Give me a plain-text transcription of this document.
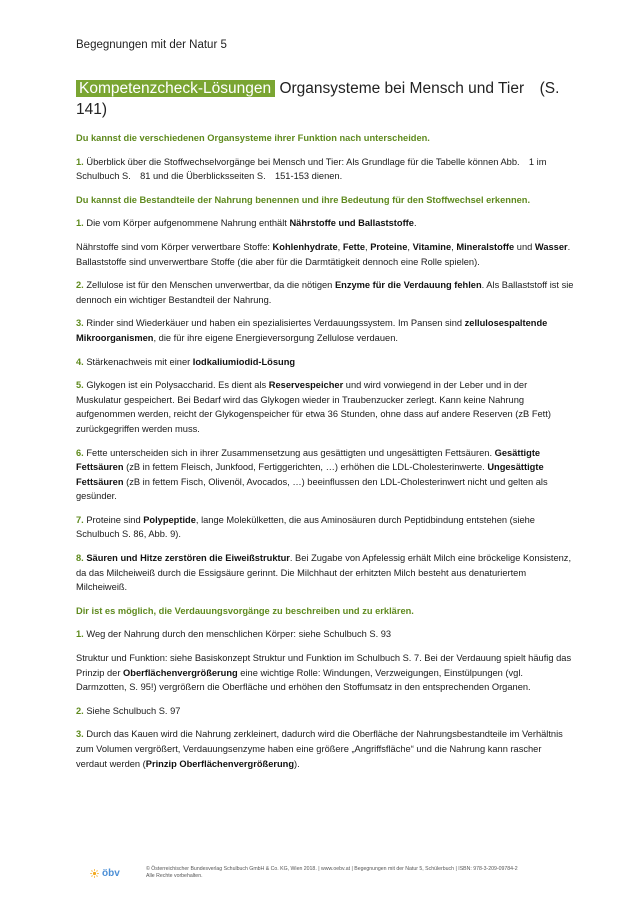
Begegnungen mit der Natur 5
Kompetenzcheck-Lösungen Organsysteme bei Mensch und Tier (S. 141)

Du kannst die verschiedenen Organsysteme ihrer Funktion nach unterscheiden.

1. Überblick über die Stoffwechselvorgänge bei Mensch und Tier: Als Grundlage für die Tabelle können Abb. 1 im Schulbuch S. 81 und die Überblicksseiten S. 151-153 dienen.

Du kannst die Bestandteile der Nahrung benennen und ihre Bedeutung für den Stoffwechsel erkennen.

1. Die vom Körper aufgenommene Nahrung enthält Nährstoffe und Ballaststoffe.

Nährstoffe sind vom Körper verwertbare Stoffe: Kohlenhydrate, Fette, Proteine, Vitamine, Mineralstoffe und Wasser.

Ballaststoffe sind unverwertbare Stoffe (die aber für die Darmtätigkeit dennoch eine Rolle spielen).

2. Zellulose ist für den Menschen unverwertbar, da die nötigen Enzyme für die Verdauung fehlen. Als Ballaststoff ist sie dennoch ein wichtiger Bestandteil der Nahrung.

3. Rinder sind Wiederkäuer und haben ein spezialisiertes Verdauungssystem. Im Pansen sind zellulosespaltende Mikroorganismen, die für ihre eigene Energieversorgung Zellulose verdauen.

4. Stärkenachweis mit einer Iodkaliumiodid-Lösung

5. Glykogen ist ein Polysaccharid. Es dient als Reservespeicher und wird vorwiegend in der Leber und in der Muskulatur gespeichert. Bei Bedarf wird das Glykogen wieder in Traubenzucker zerlegt. Kann keine Nahrung aufgenommen werden, reicht der Glykogenspeicher für etwa 36 Stunden, ohne dass auf andere Reserven (zB Fett) zurückgegriffen werden muss.

6. Fette unterscheiden sich in ihrer Zusammensetzung aus gesättigten und ungesättigten Fettsäuren. Gesättigte Fettsäuren (zB in fettem Fleisch, Junkfood, Fertiggerichten, …) erhöhen die LDL-Cholesterinwerte. Ungesättigte Fettsäuren (zB in fettem Fisch, Olivenöl, Avocados, …) beeinflussen den LDL-Cholesterinwert nicht und gelten als gesünder.

7. Proteine sind Polypeptide, lange Molekülketten, die aus Aminosäuren durch Peptidbindung entstehen (siehe Schulbuch S. 86, Abb. 9).

8. Säuren und Hitze zerstören die Eiweißstruktur. Bei Zugabe von Apfelessig erhält Milch eine bröckelige Konsistenz, da das Milcheiweiß durch die Essigsäure gerinnt. Die Milchhaut der erhitzten Milch besteht aus denaturiertem Milcheiweiß.

Dir ist es möglich, die Verdauungsvorgänge zu beschreiben und zu erklären.

1. Weg der Nahrung durch den menschlichen Körper: siehe Schulbuch S. 93

Struktur und Funktion: siehe Basiskonzept Struktur und Funktion im Schulbuch S. 7. Bei der Verdauung spielt häufig das Prinzip der Oberflächenvergrößerung eine wichtige Rolle: Windungen, Verzweigungen, Einstülpungen (vgl. Darmzotten, S. 95!) vergrößern die Oberfläche und erhöhen den Stoffumsatz in den entsprechenden Organen.

2. Siehe Schulbuch S. 97

3. Durch das Kauen wird die Nahrung zerkleinert, dadurch wird die Oberfläche der Nahrungsbestandteile im Verhältnis zum Volumen vergrößert, Verdauungsenzyme haben eine größere „Angriffsfläche“ und die Nahrung kann rascher verdaut werden (Prinzip Oberflächenvergrößerung).

öbv	© Österreichischer Bundesverlag Schulbuch GmbH & Co. KG, Wien 2018. | www.oebv.at | Begegnungen mit der Natur 5, Schülerbuch | ISBN: 978-3-209-09784-2
Alle Rechte vorbehalten.
